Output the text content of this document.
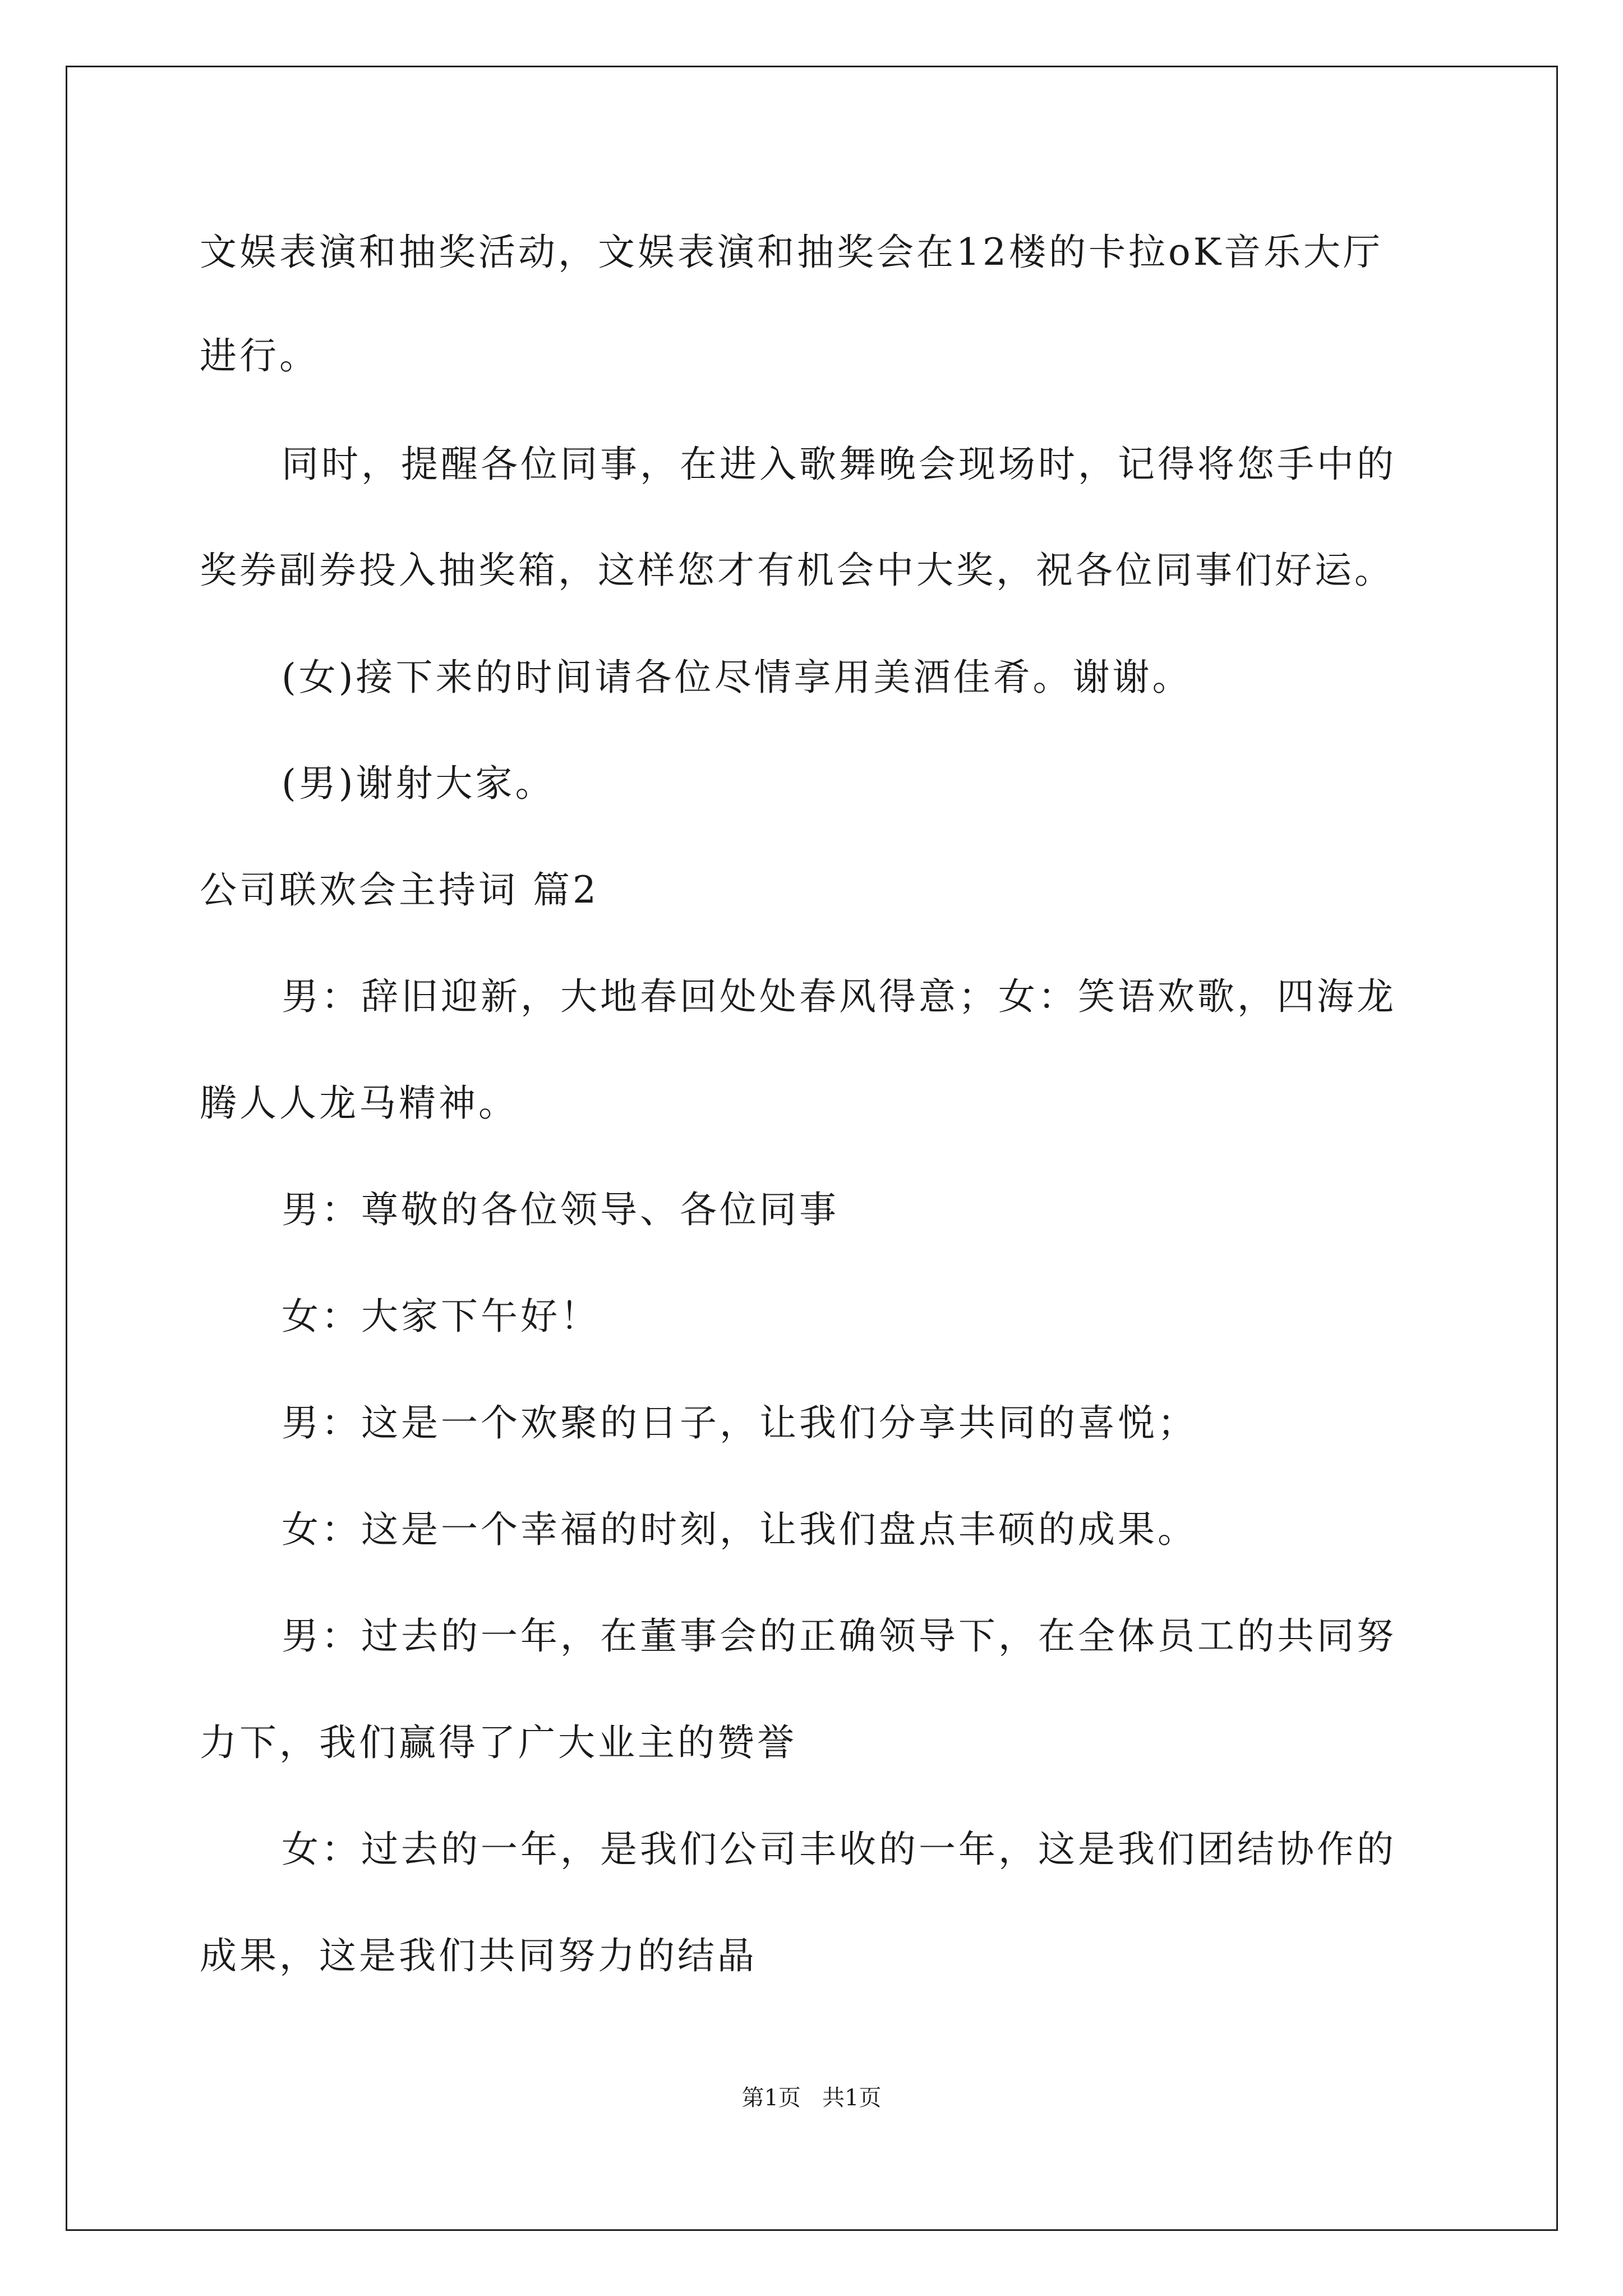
文娱表演和抽奖活动，文娱表演和抽奖会在12楼的卡拉oK音乐大厅
进行。
同时，提醒各位同事，在进入歌舞晚会现场时，记得将您手中的
奖券副券投入抽奖箱，这样您才有机会中大奖，祝各位同事们好运。
(女)接下来的时间请各位尽情享用美酒佳肴。谢谢。
(男)谢射大家。
公司联欢会主持词 篇2
男：辞旧迎新，大地春回处处春风得意；女：笑语欢歌，四海龙
腾人人龙马精神。
男：尊敬的各位领导、各位同事
女：大家下午好！
男：这是一个欢聚的日子，让我们分享共同的喜悦；
女：这是一个幸福的时刻，让我们盘点丰硕的成果。
男：过去的一年，在董事会的正确领导下，在全体员工的共同努
力下，我们赢得了广大业主的赞誉
女：过去的一年，是我们公司丰收的一年，这是我们团结协作的
成果，这是我们共同努力的结晶
第1页   共1页
